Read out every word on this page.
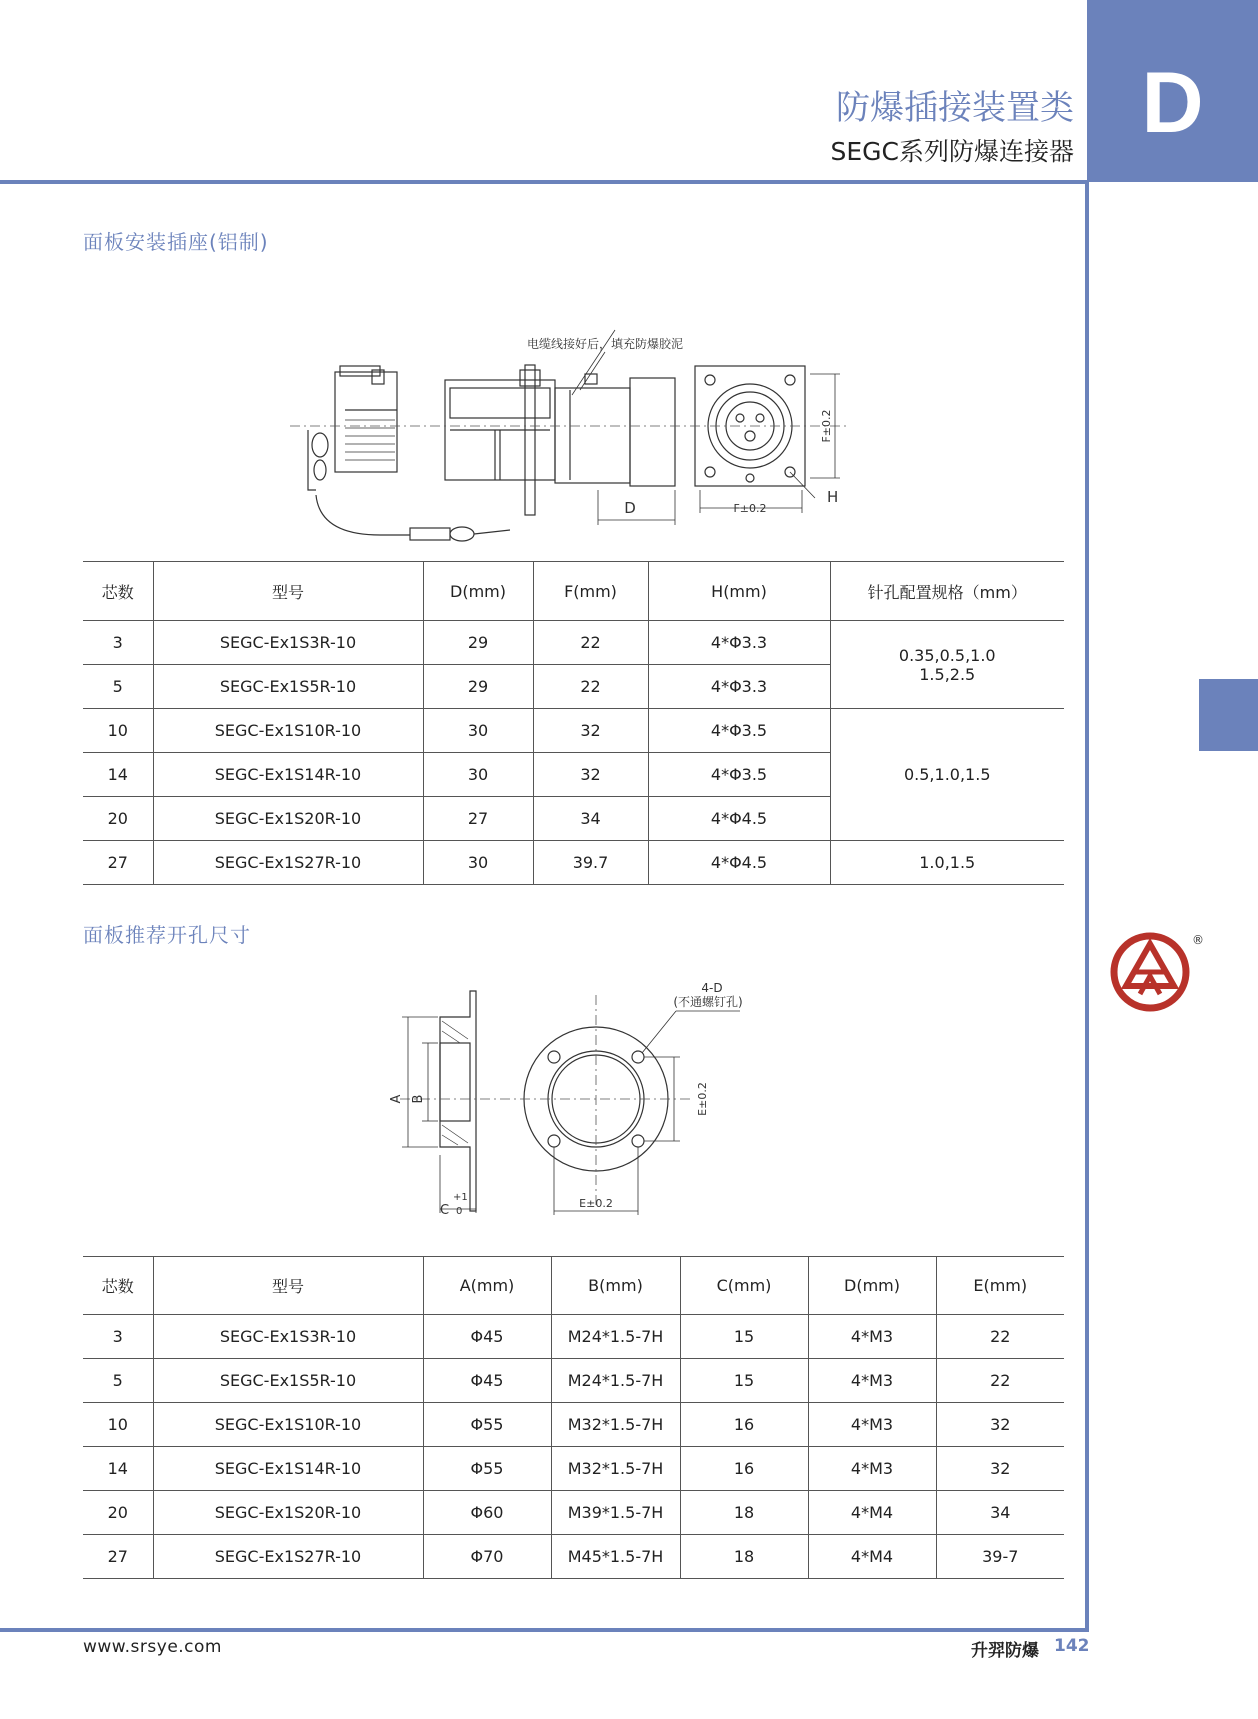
D
防爆插接装置类
SEGC系列防爆连接器
面板安装插座(铝制)
电缆线接好后，填充防爆胶泥
D	F±0.2
F±0.2
H
芯数	型号	D(mm)	F(mm)	H(mm)	针孔配置规格（mm）
3	SEGC-Ex1S3R-10	29	22	4*Φ3.3	0.35,0.5,1.0
1.5,2.5

5	SEGC-Ex1S5R-10	29	22	4*Φ3.3	
10	SEGC-Ex1S10R-10	30	32	4*Φ3.5	0.5,1.0,1.5
14	SEGC-Ex1S14R-10	30	32	4*Φ3.5	
20	SEGC-Ex1S20R-10	27	34	4*Φ4.5	
27	SEGC-Ex1S27R-10	30	39.7	4*Φ4.5	1.0,1.5
面板推荐开孔尺寸
A B
C
+1
0
E±0.2
E±0.2
4-D
(不通螺钉孔)
芯数	型号	A(mm)	B(mm)	C(mm)	D(mm)	E(mm)
3	SEGC-Ex1S3R-10	Φ45	M24*1.5-7H	15	4*M3	22
5	SEGC-Ex1S5R-10	Φ45	M24*1.5-7H	15	4*M3	22
10	SEGC-Ex1S10R-10	Φ55	M32*1.5-7H	16	4*M3	32
14	SEGC-Ex1S14R-10	Φ55	M32*1.5-7H	16	4*M3	32
20	SEGC-Ex1S20R-10	Φ60	M39*1.5-7H	18	4*M4	34
27	SEGC-Ex1S27R-10	Φ70	M45*1.5-7H	18	4*M4	39-7
®
www.srsye.com	升羿防爆 142
